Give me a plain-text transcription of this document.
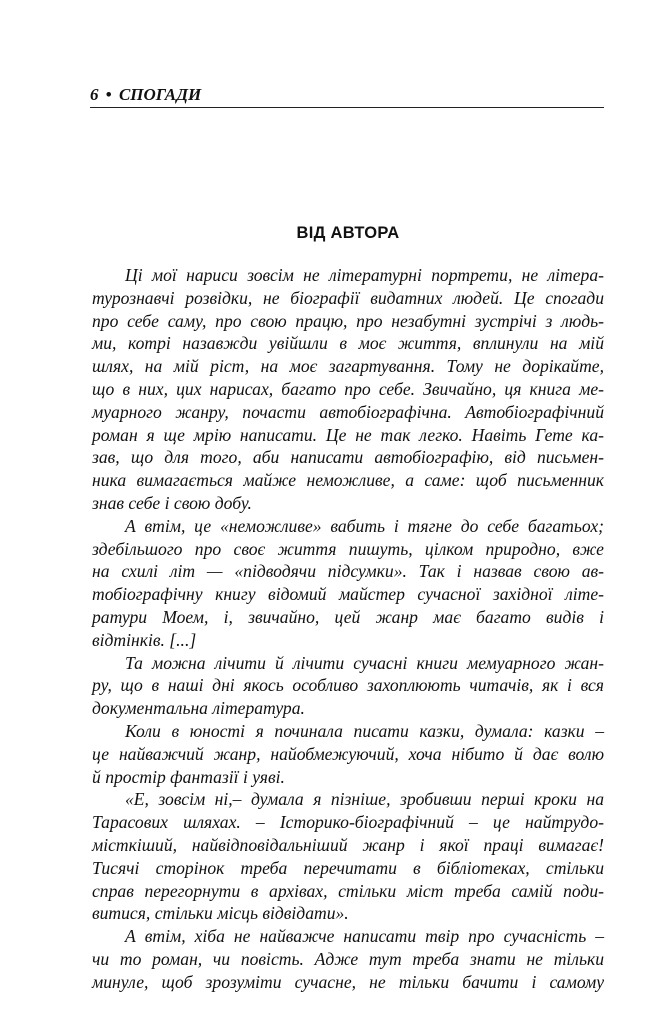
6 • СПОГАДИ
ВІД АВТОРА
Ці мої нариси зовсім не літературні портрети, не літера-
турознавчі розвідки, не біографії видатних людей. Це спогади
про себе саму, про свою працю, про незабутні зустрічі з людь-
ми, котрі назавжди увійшли в моє життя, вплинули на мій
шлях, на мій ріст, на моє загартування. Тому не дорікайте,
що в них, цих нарисах, багато про себе. Звичайно, ця книга ме-
муарного жанру, почасти автобіографічна. Автобіографічний
роман я ще мрію написати. Це не так легко. Навіть Гете ка-
зав, що для того, аби написати автобіографію, від письмен-
ника вимагається майже неможливе, а саме: щоб письменник
знав себе і свою добу.
А втім, це «неможливе» вабить і тягне до себе багатьох;
здебільшого про своє життя пишуть, цілком природно, вже
на схилі літ — «підводячи підсумки». Так і назвав свою ав-
тобіографічну книгу відомий майстер сучасної західної літе-
ратури Моем, і, звичайно, цей жанр має багато видів і
відтінків. [...]
Та можна лічити й лічити сучасні книги мемуарного жан-
ру, що в наші дні якось особливо захоплюють читачів, як і вся
документальна література.
Коли в юності я починала писати казки, думала: казки –
це найважчий жанр, найобмежуючий, хоча нібито й дає волю
й простір фантазії і уяві.
«Е, зовсім ні,– думала я пізніше, зробивши перші кроки на
Тарасових шляхах. – Історико-біографічний – це найтрудо-
місткіший, найвідповідальніший жанр і якої праці вимагає!
Тисячі сторінок треба перечитати в бібліотеках, стільки
справ перегорнути в архівах, стільки міст треба самій поди-
витися, стільки місць відвідати».
А втім, хіба не найважче написати твір про сучасність –
чи то роман, чи повість. Адже тут треба знати не тільки
минуле, щоб зрозуміти сучасне, не тільки бачити і самому
